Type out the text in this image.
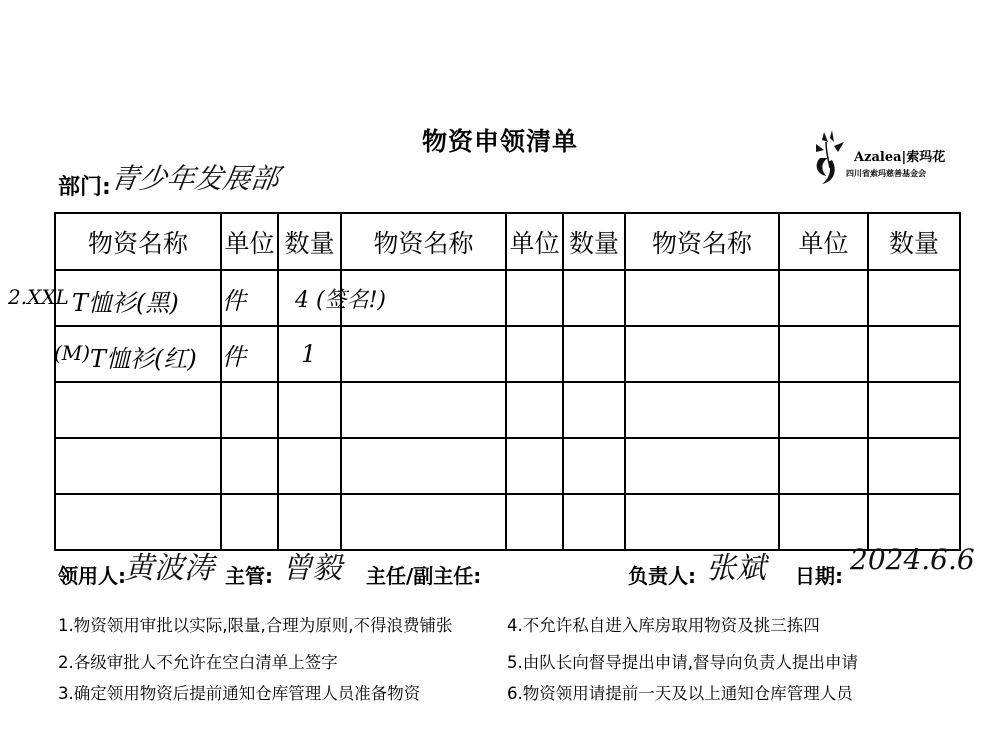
物资申领清单
Azalea|索玛花
四川省索玛慈善基金会
部门:
青少年发展部
物资名称	单位	数量	物资名称	单位	数量	物资名称	单位	数量

2.XXL T恤衫(黑)	件	4 (签名!)						

(M) T恤衫(红)	件	1						

领用人:
黄波涛 主管: 曾毅 主任/副主任:	负责人: 张斌 日期: 2024.6.6
1.物资领用审批以实际,限量,合理为原则,不得浪费铺张
2.各级审批人不允许在空白清单上签字
3.确定领用物资后提前通知仓库管理人员准备物资
4.不允许私自进入库房取用物资及挑三拣四
5.由队长向督导提出申请,督导向负责人提出申请
6.物资领用请提前一天及以上通知仓库管理人员
